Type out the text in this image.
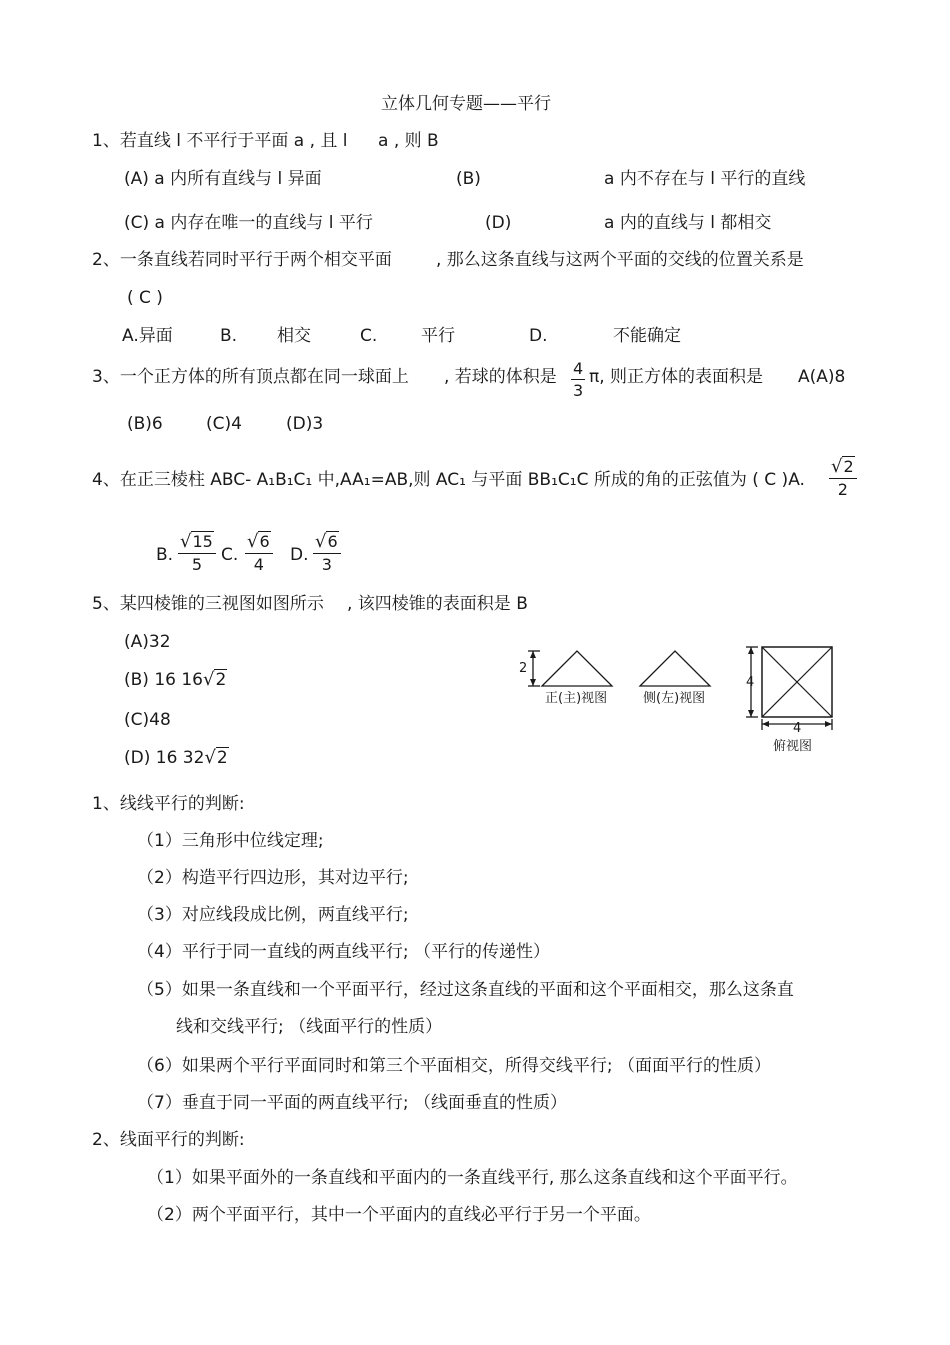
立体几何专题——平行
1、若直线 l 不平行于平面 a , 且 l a , 则 B
(A) a 内所有直线与 l 异面	(B)	a 内不存在与 l 平行的直线
(C) a 内存在唯一的直线与 l 平行	(D)	a 内的直线与 l 都相交
2、一条直线若同时平行于两个相交平面	, 那么这条直线与这两个平面的交线的位置关系是
( C )
A.异面	B. 相交	C.	平行	D.	不能确定
3、一个正方体的所有顶点都在同一球面上 , 若球的体积是 $\frac{4}{3} \pi$, 则正方体的表面积是 A(A)8
(B)6	(C)4	(D)3
4、在正三棱柱 ABC- A₁B₁C₁ 中,AA₁=AB,则 AC₁ 与平面 BB₁C₁C 所成的角的正弦值为 ( C )A. $\frac{√2}{2}$
B. $\frac{√15}{5} C$. $\frac{√6}{4} D$. $\frac{√6}{3}$
5、某四棱锥的三视图如图所示 , 该四棱锥的表面积是 B
(A)32
(B) 16 16√2
(C)48
(D) 16 32√2
2
4
4
正(主)视图	侧(左)视图
俯视图
1、线线平行的判断:
（1）三角形中位线定理;
（2）构造平行四边形，其对边平行;
（3）对应线段成比例，两直线平行;
（4）平行于同一直线的两直线平行; （平行的传递性）
（5）如果一条直线和一个平面平行，经过这条直线的平面和这个平面相交，那么这条直
线和交线平行; （线面平行的性质）
（6）如果两个平行平面同时和第三个平面相交，所得交线平行; （面面平行的性质）
（7）垂直于同一平面的两直线平行; （线面垂直的性质）
2、线面平行的判断:
（1）如果平面外的一条直线和平面内的一条直线平行, 那么这条直线和这个平面平行。
（2）两个平面平行，其中一个平面内的直线必平行于另一个平面。
